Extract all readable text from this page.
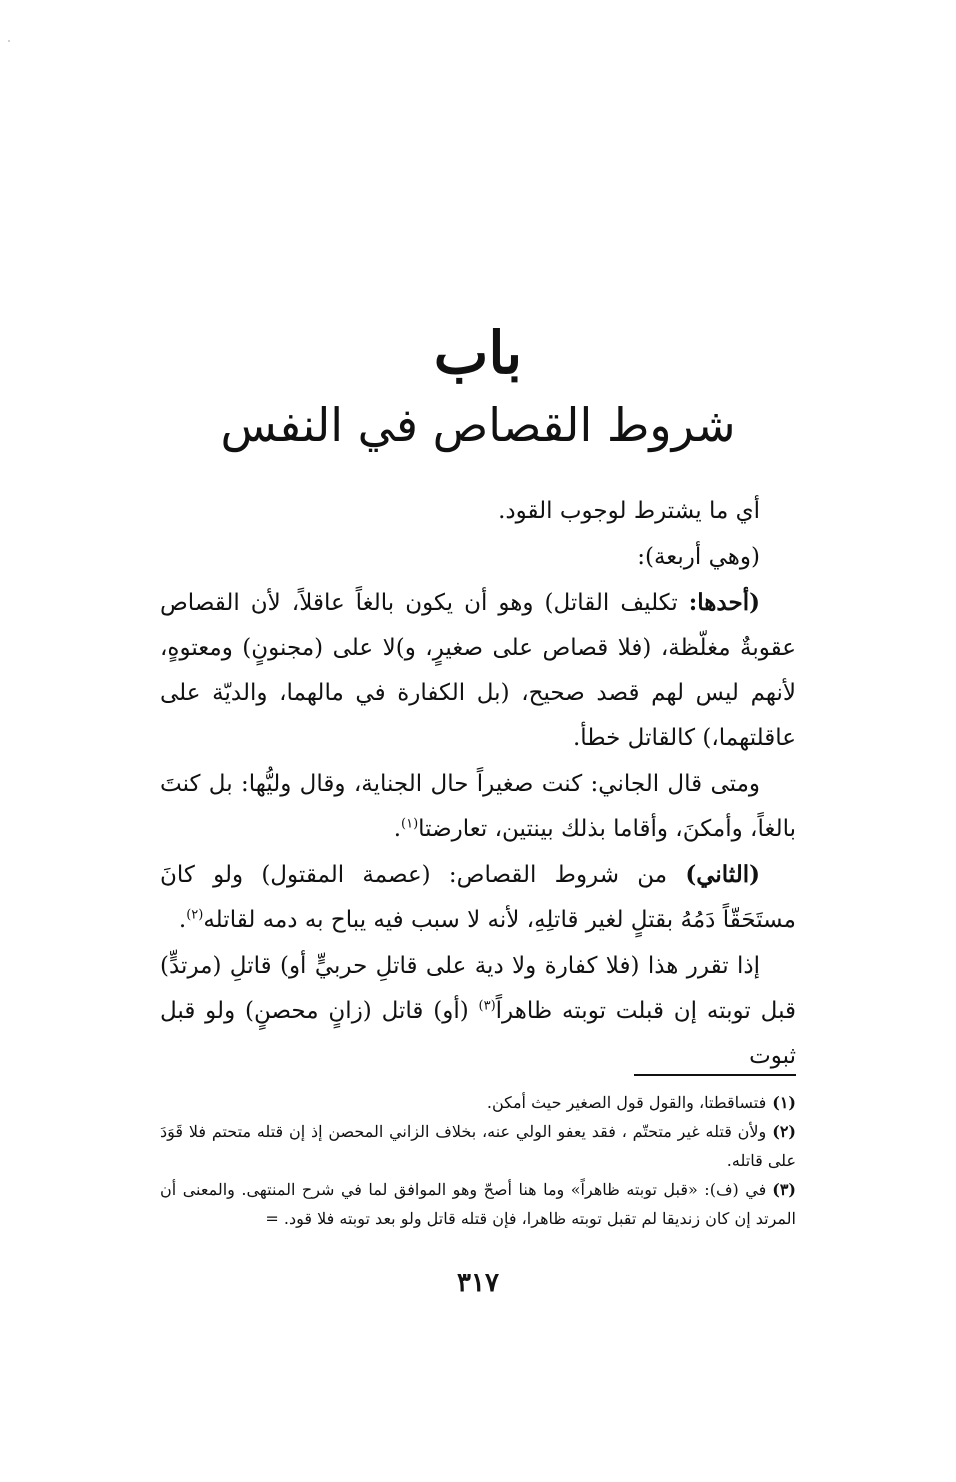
باب
شروط القصاص في النفس

أي ما يشترط لوجوب القود.

(وهي أربعة):

(أحدها: تكليف القاتل) وهو أن يكون بالغاً عاقلاً، لأن القصاص عقوبةٌ مغلّظة، (فلا قصاص على صغيرٍ، و)لا على (مجنونٍ) ومعتوهٍ، لأنهم ليس لهم قصد صحيح، (بل الكفارة في مالهما، والديّة على عاقلتهما،) كالقاتل خطأ.

ومتى قال الجاني: كنت صغيراً حال الجناية، وقال وليُّها: بل كنتَ بالغاً، وأمكنَ، وأقاما بذلك بينتين، تعارضتا$^{(١)}$.

(الثاني) من شروط القصاص: (عصمة المقتول) ولو كانَ مستَحَقّاً دَمُهُ بقتلٍ لغير قاتلِهِ، لأنه لا سبب فيه يباح به دمه لقاتله$^{(٢)}$.

إذا تقرر هذا (فلا كفارة ولا دية على قاتلِ حربيٍّ أو) قاتلِ (مرتدٍّ) قبل توبته إن قبلت توبته ظاهراً$^{(٣)}$ (أو) قاتل (زانٍ محصنٍ) ولو قبل ثبوت

(١)فتساقطتا، والقول قول الصغير حيث أمكن.

(٢)ولأن قتله غير متحتّم ، فقد يعفو الولي عنه، بخلاف الزاني المحصن إذ إن قتله متحتم فلا قَوَدَ على قاتله.

(٣)في (ف): «قبل توبته ظاهراً» وما هنا أصحّ وهو الموافق لما في شرح المنتهى. والمعنى أن المرتد إن كان زنديقا لم تقبل توبته ظاهرا، فإن قتله قاتل ولو بعد توبته فلا قود. =

٣١٧
